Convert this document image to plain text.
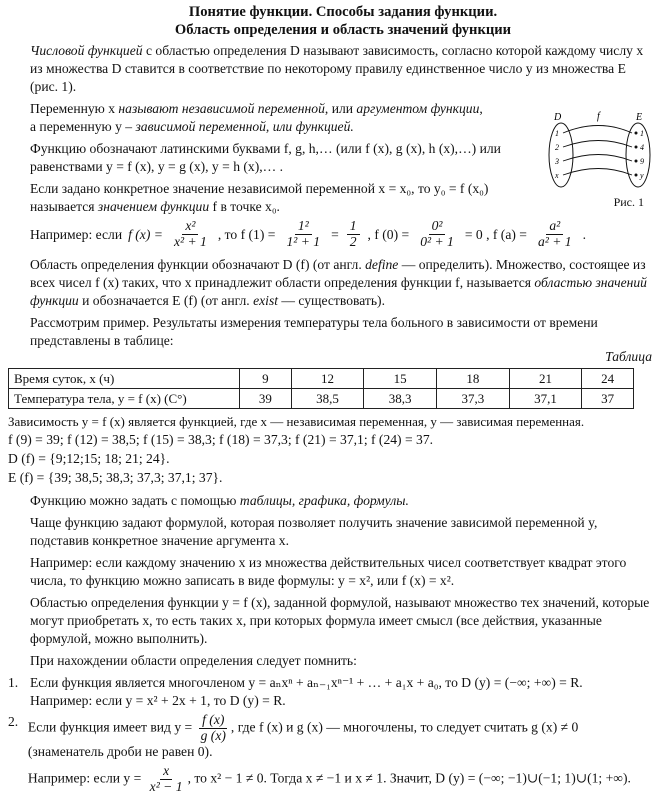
Понятие функции. Способы задания функции.
Область определения и область значений функции

Числовой функцией с областью определения D называют зависимость, согласно которой каждому числу x из множества D ставится в соответствие по некоторому правилу единственное число y из множества E (рис. 1).

Переменную x называют независимой переменной, или аргументом функции,
а переменную y – зависимой переменной, или функцией.

Функцию обозначают латинскими буквами f, g, h,… (или f (x), g (x), h (x),…) или равенствами y = f (x), y = g (x), y = h (x),… .

Если задано конкретное значение независимой переменной x = x₀, то y₀ = f (x₀) называется значением функции f в точке x₀.

D	f	E
1
2
3
x
1
4
9
y
Рис. 1
Например: если f $(x) = \frac{\text{x²}}{\text{x² + 1}}$ , то f $(1) = \frac{\text{1²}}{\text{1² + 1}} = \frac{1}{2}$ , f $(0) = \frac{\text{0²}}{\text{0² + 1}} = 0$ , f $(a) = \frac{\text{a²}}{\text{a² + 1}}$ .

Область определения функции обозначают D (f) (от англ. define — определить). Множество, состоящее из всех чисел f (x) таких, что x принадлежит области определения функции f, называется областью значений функции и обозначается E (f) (от англ. exist — существовать).

Рассмотрим пример. Результаты измерения температуры тела больного в зависимости от времени представлены в таблице:

Таблица
Время суток, x (ч)	9	12	15	18	21	24
Температура тела, y = f (x) (C°)	39	38,5	38,3	37,3	37,1	37
Зависимость y = f (x) является функцией, где x — независимая переменная, y — зависимая переменная.
f (9) = 39; f (12) = 38,5; f (15) = 38,3; f (18) = 37,3; f (21) = 37,1; f (24) = 37.
D (f) = {9;12;15; 18; 21; 24}.
E (f) = {39; 38,5; 38,3; 37,3; 37,1; 37}.

Функцию можно задать с помощью таблицы, графика, формулы.

Чаще функцию задают формулой, которая позволяет получить значение зависимой переменной y, подставив конкретное значение аргумента x.

Например: если каждому значению x из множества действительных чисел соответствует квадрат этого числа, то функцию можно записать в виде формулы: y = x², или f (x) = x².

Областью определения функции y = f (x), заданной формулой, называют множество тех значений, которые могут приобретать x, то есть таких x, при которых формула имеет смысл (все действия, указанные формулой, можно выполнить).

При нахождении области определения следует помнить:

1. Если функция является многочленом y = aₙxⁿ + aₙ₋₁xⁿ⁻¹ + … + a₁x + a₀, то D (y) = (−∞; +∞) = R.
Например: если y = x² + 2x + 1, то D (y) = R.
2. Если функция имеет вид $y = \frac{f (x)}{g (x)}$ , где f (x) и g (x) — многочлены, то следует считать g (x) ≠ 0 (знаменатель дроби не равен 0).
Например: если $y = \frac{x}{\text{x² − 1}}$ , то x² − 1 ≠ 0. Тогда x ≠ −1 и x ≠ 1. Значит, D (y) = (−∞; −1)∪(−1; 1)∪(1; +∞).
